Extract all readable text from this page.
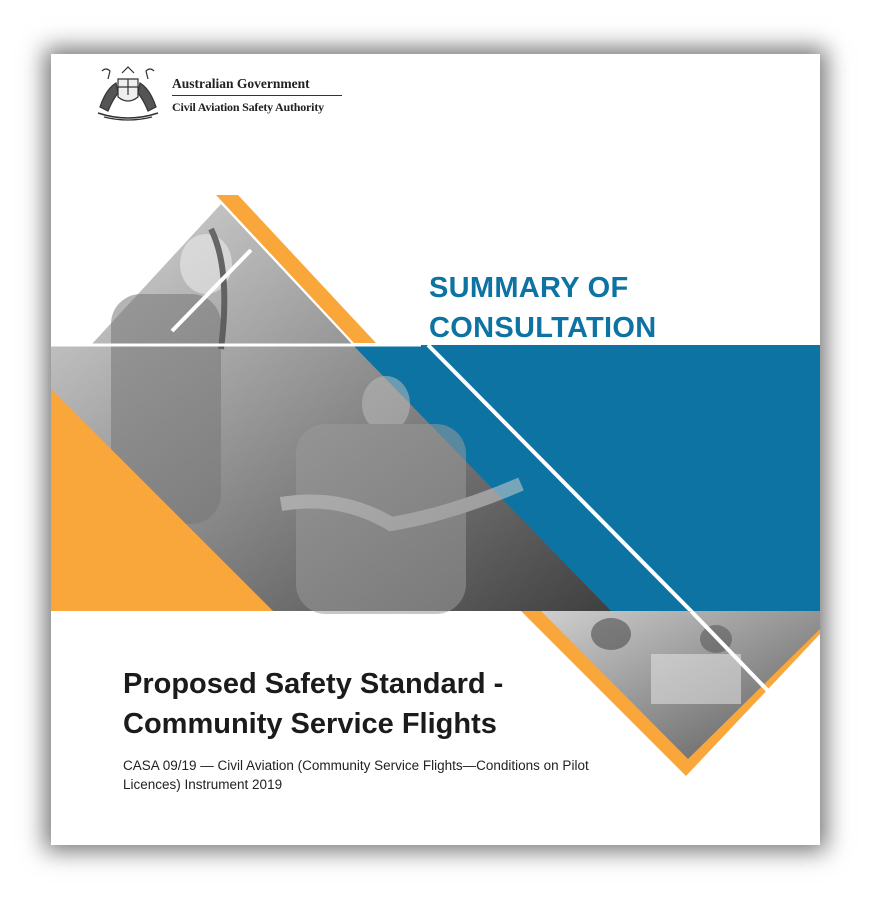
Australian Government
Civil Aviation Safety Authority
SUMMARY OF
CONSULTATION
Proposed Safety Standard -
Community Service Flights
CASA 09/19 — Civil Aviation (Community Service Flights—Conditions on Pilot Licences) Instrument 2019
